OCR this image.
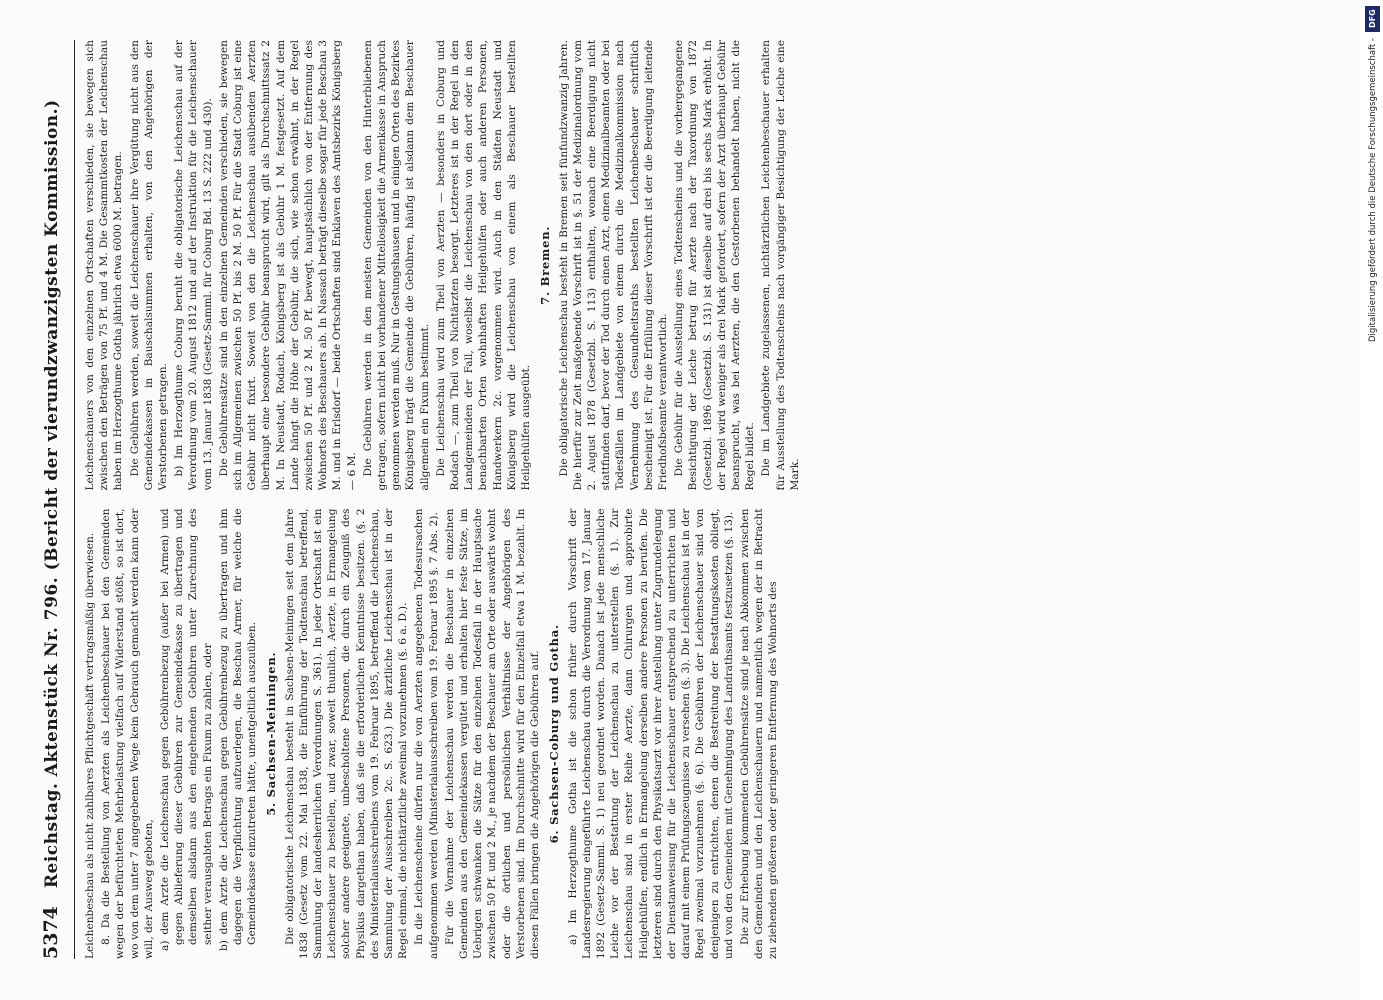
5374
Reichstag. Aktenstück Nr. 796. (Bericht der vierundzwanzigsten Kommission.) Leichenbeschau als nicht zahlbares Pflichtgeschäft vertragsmäßig überwiesen. 8. Da die Bestellung von Aerzten als Leichenbeschauer bei den Gemeinden wegen der befürchteten Mehrbelastung vielfach auf Widerstand stößt, so ist dort, wo von dem unter 7 angegebenen Wege kein Gebrauch gemacht werden kann oder will, der Ausweg geboten, a) dem Arzte die Leichenschau gegen Gebührenbezug (außer bei Armen) und gegen Ablieferung dieser Gebühren zur Gemeindekasse zu übertragen und demselben alsdann aus den eingehenden Gebühren unter Zurechnung des seither verausgabten Betrags ein Fixum zu zahlen, oder b) dem Arzte die Leichenschau gegen Gebührenbezug zu übertragen und ihm dagegen die Verpflichtung aufzuerlegen, die Beschau Armer, für welche die Gemeindekasse einzutreten hätte, unentgeltlich auszuüben. 5. Sachsen-Meiningen. Die obligatorische Leichenschau besteht in Sachsen-Meiningen seit dem Jahre 1838 (Gesetz vom 22. Mai 1838, die Einführung der Todtenschau betreffend, Sammlung der landesherrlichen Verordnungen S. 361). In jeder Ortschaft ist ein Leichenschauer zu bestellen, und zwar, soweit thunlich, Aerzte, in Ermangelung solcher andere geeignete, unbescholtene Personen, die durch ein Zeugniß des Physikus dargethan haben, daß sie die erforderlichen Kenntnisse besitzen. (§. 2 des Ministerialausschreibens vom 19. Februar 1895, betreffend die Leichenschau, Sammlung der Ausschreiben 2c. S. 623.) Die ärztliche Leichenschau ist in der Regel einmal, die nichtärztliche zweimal vorzunehmen (§. 6 a. D.). In die Leichenscheine dürfen nur die von Aerzten angegebenen Todesursachen aufgenommen werden (Ministerialausschreiben vom 19. Februar 1895 §. 7 Abs. 2). Für die Vornahme der Leichenschau werden die Beschauer in einzelnen Gemeinden aus den Gemeindekassen vergütet und erhalten hier feste Sätze, im Uebrigen schwanken die Sätze für den einzelnen Todesfall in der Hauptsache zwischen 50 Pf. und 2 M., je nachdem der Beschauer am Orte oder auswärts wohnt oder die örtlichen und persönlichen Verhältnisse der Angehörigen des Verstorbenen sind. Im Durchschnitte wird für den Einzelfall etwa 1 M. bezahlt. In diesen Fällen bringen die Angehörigen die Gebühren auf. 6. Sachsen-Coburg und Gotha. a) Im Herzogthume Gotha ist die schon früher durch Vorschrift der Landesregierung eingeführte Leichenschau durch die Verordnung vom 17. Januar 1892 (Gesetz-Samml. S. 1) neu geordnet worden. Danach ist jede menschliche Leiche vor der Bestattung der Leichenschau zu unterstellen (§. 1). Zur Leichenschau sind in erster Reihe Aerzte, dann Chirurgen und approbirte Heilgehülfen, endlich in Ermangelung derselben andere Personen zu berufen. Die letzteren sind durch den Physikatsarzt vor ihrer Anstellung unter Zugrundelegung der Dienstanweisung für die Leichenschauer entsprechend zu unterrichten und darauf mit einem Prüfungszeugnisse zu versehen (§. 3). Die Leichenschau ist in der Regel zweimal vorzunehmen (§. 6). Die Gebühren der Leichenschauer sind von denjenigen zu entrichten, denen die Bestreitung der Bestattungskosten obliegt, und von den Gemeinden mit Genehmigung des Landrathsamts festzusetzen (§. 13). Die zur Erhebung kommenden Gebührensätze sind je nach Abkommen zwischen den Gemeinden und den Leichenschauern und namentlich wegen der in Betracht zu ziehenden größeren oder geringeren Entfernung des Wohnorts des

Leichenschauers von den einzelnen Ortschaften verschieden, sie bewegen sich zwischen den Beträgen von 75 Pf. und 4 M. Die Gesammtkosten der Leichenschau haben im Herzogthume Gotha jährlich etwa 6000 M. betragen. Die Gebühren werden, soweit die Leichenschauer ihre Vergütung nicht aus den Gemeindekassen in Bauschalsummen erhalten, von den Angehörigen der Verstorbenen getragen. b) Im Herzogthume Coburg beruht die obligatorische Leichenschau auf der Verordnung vom 20. August 1812 und auf der Instruktion für die Leichenschauer vom 13. Januar 1838 (Gesetz-Samml. für Coburg Bd. 13 S. 222 und 430). Die Gebührensätze sind in den einzelnen Gemeinden verschieden, sie bewegen sich im Allgemeinen zwischen 50 Pf. bis 2 M. 50 Pf. Für die Stadt Coburg ist eine Gebühr nicht fixirt. Soweit von den die Leichenschau ausübenden Aerzten überhaupt eine besondere Gebühr beansprucht wird, gilt als Durchschnittssatz 2 M. In Neustadt, Rodach, Königsberg ist als Gebühr 1 M. festgesetzt. Auf dem Lande hängt die Höhe der Gebühr, die sich, wie schon erwähnt, in der Regel zwischen 50 Pf. und 2 M. 50 Pf. bewegt, hauptsächlich von der Entfernung des Wohnorts des Beschauers ab. In Nassach beträgt dieselbe sogar für jede Beschau 3 M. und in Erlsdorf — beide Ortschaften sind Enklaven des Amtsbezirks Königsberg — 6 M. Die Gebühren werden in den meisten Gemeinden von den Hinterbliebenen getragen, sofern nicht bei vorhandener Mittellosigkeit die Armenkasse in Anspruch genommen werden muß. Nur in Gestungshausen und in einigen Orten des Bezirkes Königsberg trägt die Gemeinde die Gebühren, häufig ist alsdann dem Beschauer allgemein ein Fixum bestimmt. Die Leichenschau wird zum Theil von Aerzten — besonders in Coburg und Rodach —, zum Theil von Nichtärzten besorgt. Letzteres ist in der Regel in den Landgemeinden der Fall, woselbst die Leichenschau von den dort oder in den benachbarten Orten wohnhaften Heilgehülfen oder auch anderen Personen, Handwerkern 2c. vorgenommen wird. Auch in den Städten Neustadt und Königsberg wird die Leichenschau von einem als Beschauer bestellten Heilgehülfen ausgeübt.

7. Bremen. Die obligatorische Leichenschau besteht in Bremen seit fünfundzwanzig Jahren. Die hierfür zur Zeit maßgebende Vorschrift ist in §. 51 der Medizinalordnung vom 2. August 1878 (Gesetzbl. S. 113) enthalten, wonach eine Beerdigung nicht stattfinden darf, bevor der Tod durch einen Arzt, einen Medizinalbeamten oder bei Todesfällen im Landgebiete von einem durch die Medizinalkommission nach Vernehmung des Gesundheitsraths bestellten Leichenbeschauer schriftlich bescheinigt ist. Für die Erfüllung dieser Vorschrift ist der die Beerdigung leitende Friedhofsbeamte verantwortlich. Die Gebühr für die Ausstellung eines Todtenscheins und die vorhergegangene Besichtigung der Leiche betrug für Aerzte nach der Taxordnung von 1872 (Gesetzbl. 1896 (Gesetzbl. S. 131) ist dieselbe auf drei bis sechs Mark erhöht. In der Regel wird weniger als drei Mark gefordert, sofern der Arzt überhaupt Gebühr beansprucht, was bei Aerzten, die den Gestorbenen behandelt haben, nicht die Regel bildet. Die im Landgebiete zugelassenen, nichtärztlichen Leichenbeschauer erhalten für Ausstellung des Todtenscheins nach vorgängiger Besichtigung der Leiche eine Mark.

DFG
Digitalisierung gefördert durch die Deutsche Forschungsgemeinschaft -
